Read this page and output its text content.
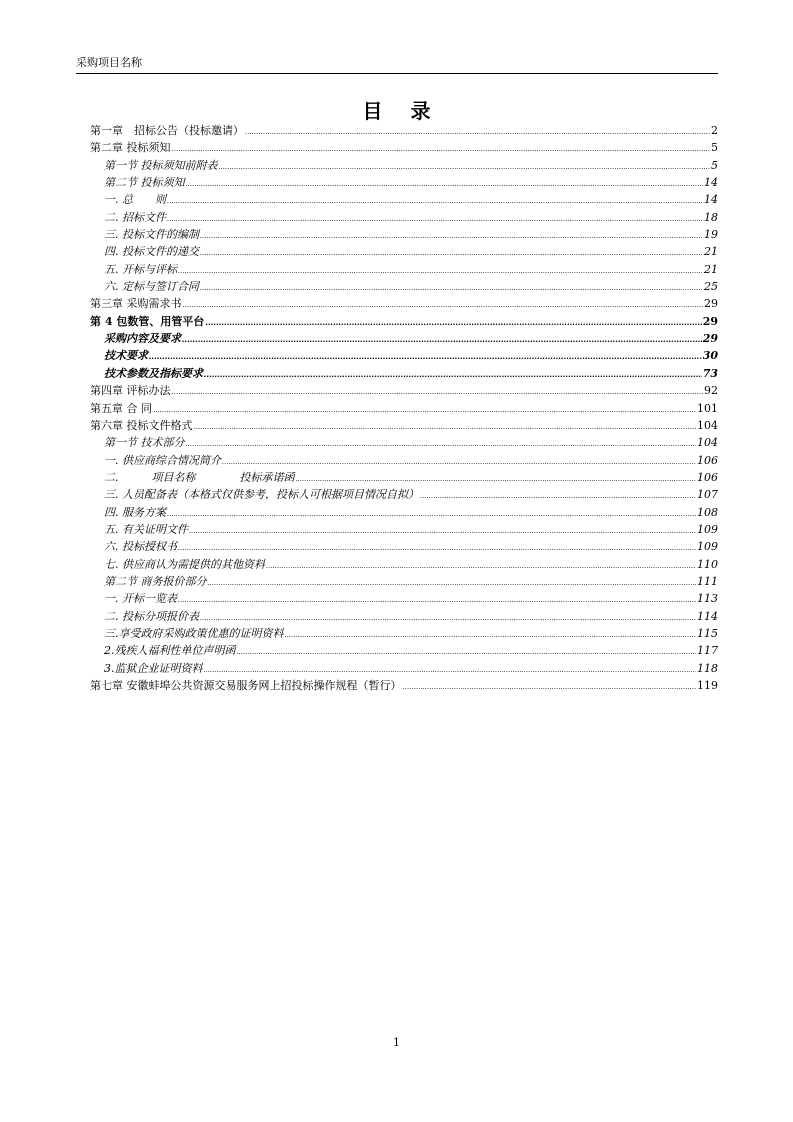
采购项目名称
目录
第一章　招标公告（投标邀请） .....	2
第二章 投标须知 .....	5
第一节 投标须知前附表 .....	5
第二节 投标须知 .....	14
一. 总　　则 .....	14
二. 招标文件 .....	18
三. 投标文件的编制 .....	19
四. 投标文件的递交 .....	21
五. 开标与评标 .....	21
六. 定标与签订合同 .....	25
第三章 采购需求书 .....	29
第 4 包数管、用管平台 .....	29
采购内容及要求 .....	29
技术要求 .....	30
技术参数及指标要求 .....	73
第四章 评标办法 .....	92
第五章 合 同 .....	101
第六章 投标文件格式 .....	104
第一节 技术部分 .....	104
一. 供应商综合情况简介 .....	106
二.　　　项目名称　　　　投标承诺函 .....	106
三. 人员配备表（本格式仅供参考，投标人可根据项目情况自拟） .....	107
四. 服务方案 .....	108
五. 有关证明文件 .....	109
六. 投标授权书 .....	109
七. 供应商认为需提供的其他资料 .....	110
第二节 商务报价部分 .....	111
一. 开标一览表 .....	113
二. 投标分项报价表 .....	114
三.享受政府采购政策优惠的证明资料 .....	115
2.残疾人福利性单位声明函 .....	117
3.监狱企业证明资料 .....	118
第七章 安徽蚌埠公共资源交易服务网上招投标操作规程（暂行） .....	119
1
